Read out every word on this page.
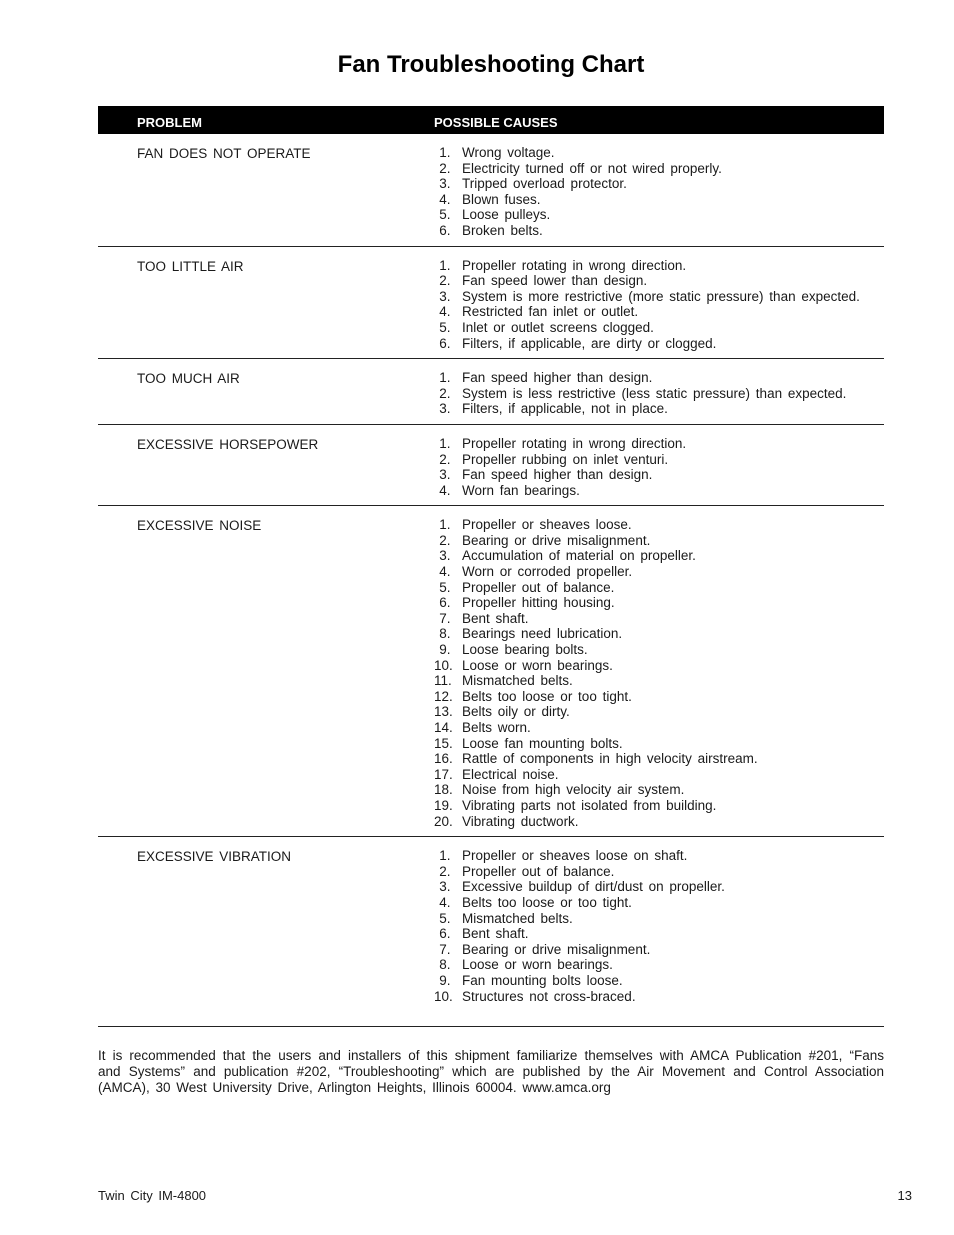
Fan Troubleshooting Chart
PROBLEM	POSSIBLE CAUSES
FAN DOES NOT OPERATE	1.  Wrong voltage.
2.  Electricity turned off or not wired properly.
3.  Tripped overload protector.
4.  Blown fuses.
5.  Loose pulleys.
6.  Broken belts.
TOO LITTLE AIR	1.  Propeller rotating in wrong direction.
2.  Fan speed lower than design.
3.  System is more restrictive (more static pressure) than expected.
4.  Restricted fan inlet or outlet.
5.  Inlet or outlet screens clogged.
6.  Filters, if applicable, are dirty or clogged.
TOO MUCH AIR	1.  Fan speed higher than design.
2.  System is less restrictive (less static pressure) than expected.
3.  Filters, if applicable, not in place.
EXCESSIVE HORSEPOWER	1.  Propeller rotating in wrong direction.
2.  Propeller rubbing on inlet venturi.
3.  Fan speed higher than design.
4.  Worn fan bearings.
EXCESSIVE NOISE	1.  Propeller or sheaves loose.
2.  Bearing or drive misalignment.
3.  Accumulation of material on propeller.
4.  Worn or corroded propeller.
5.  Propeller out of balance.
6.  Propeller hitting housing.
7.  Bent shaft.
8.  Bearings need lubrication.
9.  Loose bearing bolts.
10.  Loose or worn bearings.
11.  Mismatched belts.
12.  Belts too loose or too tight.
13.  Belts oily or dirty.
14.  Belts worn.
15.  Loose fan mounting bolts.
16.  Rattle of components in high velocity airstream.
17.  Electrical noise.
18.  Noise from high velocity air system.
19.  Vibrating parts not isolated from building.
20.  Vibrating ductwork.
EXCESSIVE VIBRATION	1.  Propeller or sheaves loose on shaft.
2.  Propeller out of balance.
3.  Excessive buildup of dirt/dust on propeller.
4.  Belts too loose or too tight.
5.  Mismatched belts.
6.  Bent shaft.
7.  Bearing or drive misalignment.
8.  Loose or worn bearings.
9.  Fan mounting bolts loose.
10.  Structures not cross-braced.
It is recommended that the users and installers of this shipment familiarize themselves with AMCA Publication #201, “Fans and Systems” and publication #202, “Troubleshooting” which are published by the Air Movement and Control Association (AMCA), 30 West University Drive, Arlington Heights, Illinois 60004. www.amca.org
Twin City IM-4800	13
